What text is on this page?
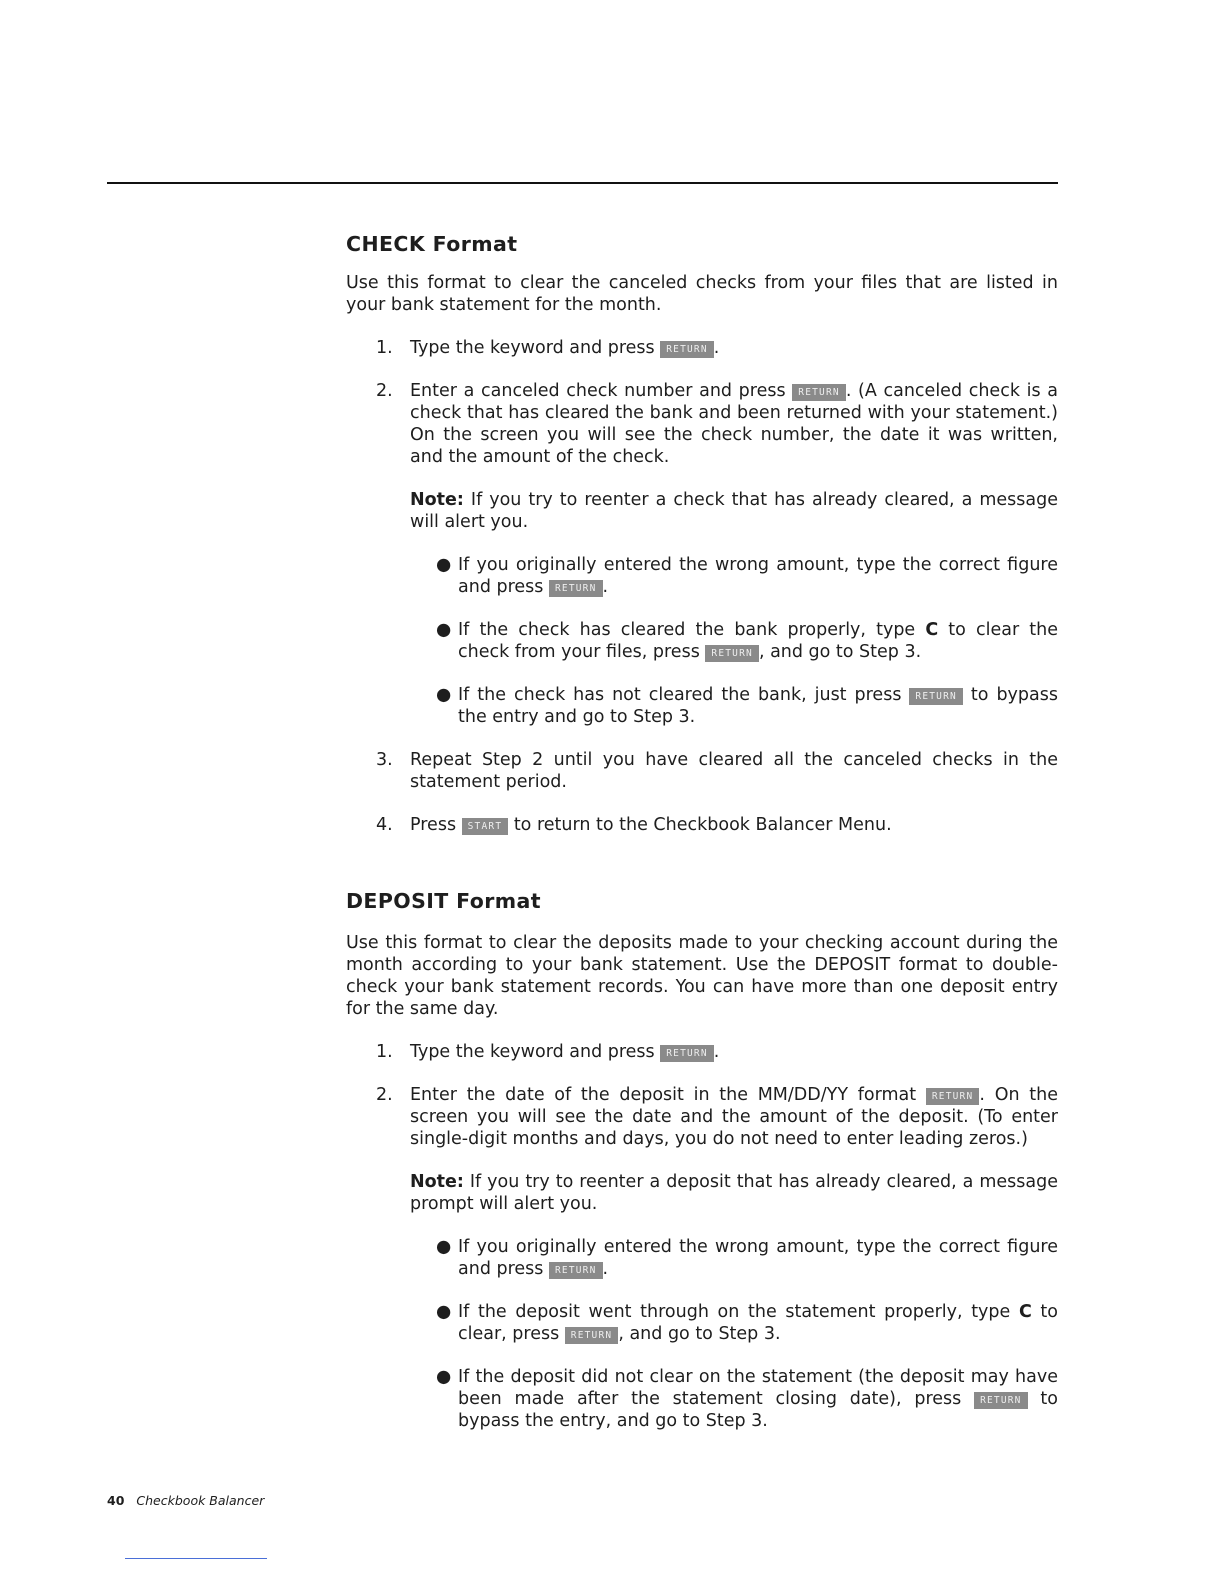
CHECK Format

Use this format to clear the canceled checks from your files that are listed in your bank statement for the month.

1. Type the keyword and press RETURN .
2. Enter a canceled check number and press RETURN . (A canceled check is a check that has cleared the bank and been returned with your statement.) On the screen you will see the check number, the date it was written, and the amount of the check.
Note: If you try to reenter a check that has already cleared, a message will alert you.
● If you originally entered the wrong amount, type the correct figure and press RETURN .
● If the check has cleared the bank properly, type C to clear the check from your files, press RETURN , and go to Step 3.
● If the check has not cleared the bank, just press RETURN to bypass the entry and go to Step 3.
3. Repeat Step 2 until you have cleared all the canceled checks in the statement period.
4. Press START to return to the Checkbook Balancer Menu.
DEPOSIT Format

Use this format to clear the deposits made to your checking account during the month according to your bank statement. Use the DEPOSIT format to double-check your bank statement records. You can have more than one deposit entry for the same day.

1. Type the keyword and press RETURN .
2. Enter the date of the deposit in the MM/DD/YY format RETURN . On the screen you will see the date and the amount of the deposit. (To enter single-digit months and days, you do not need to enter leading zeros.)
Note: If you try to reenter a deposit that has already cleared, a message prompt will alert you.
● If you originally entered the wrong amount, type the correct figure and press RETURN .
● If the deposit went through on the statement properly, type C to clear, press RETURN , and go to Step 3.
● If the deposit did not clear on the statement (the deposit may have been made after the statement closing date), press RETURN to bypass the entry, and go to Step 3.
40 Checkbook Balancer
